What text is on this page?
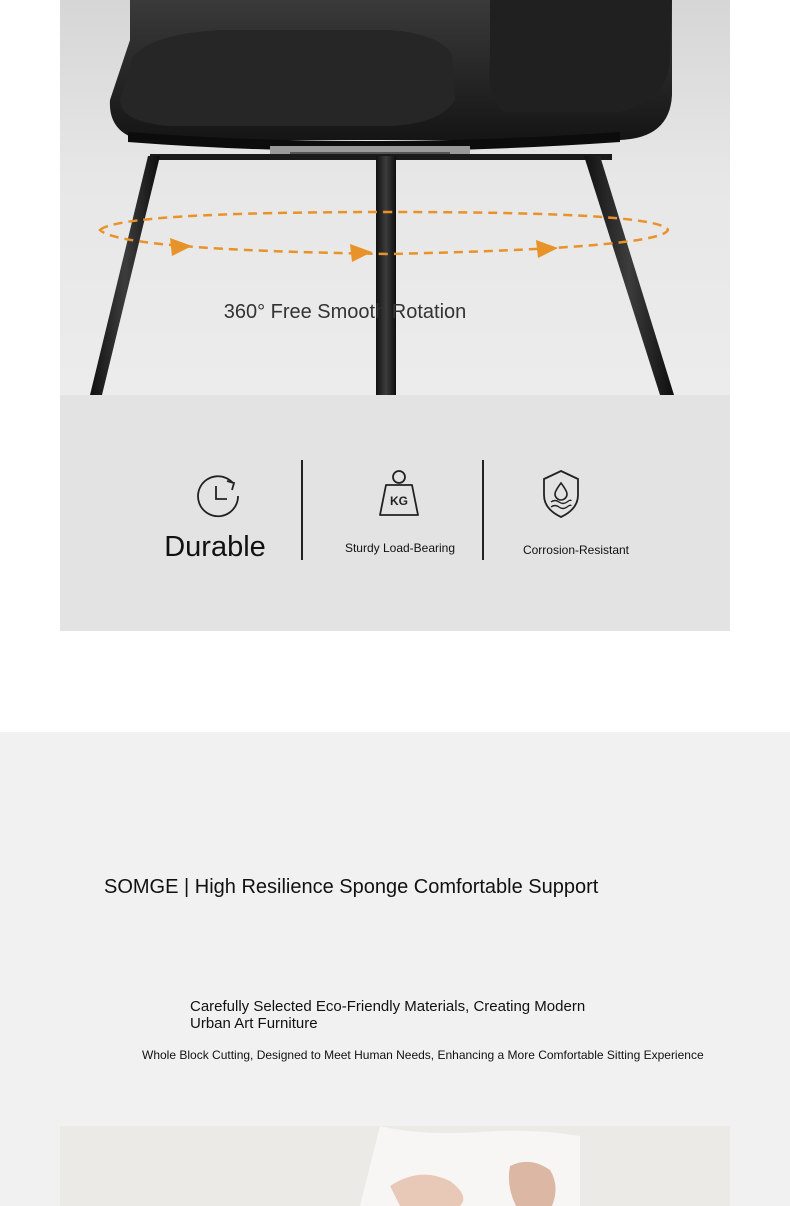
360° Free Smooth Rotation
KG
Durable	Sturdy Load-Bearing	Corrosion-Resistant
SOMGE | High Resilience Sponge Comfortable Support
Carefully Selected Eco-Friendly Materials, Creating Modern
Urban Art Furniture
Whole Block Cutting, Designed to Meet Human Needs, Enhancing a More Comfortable Sitting Experience
